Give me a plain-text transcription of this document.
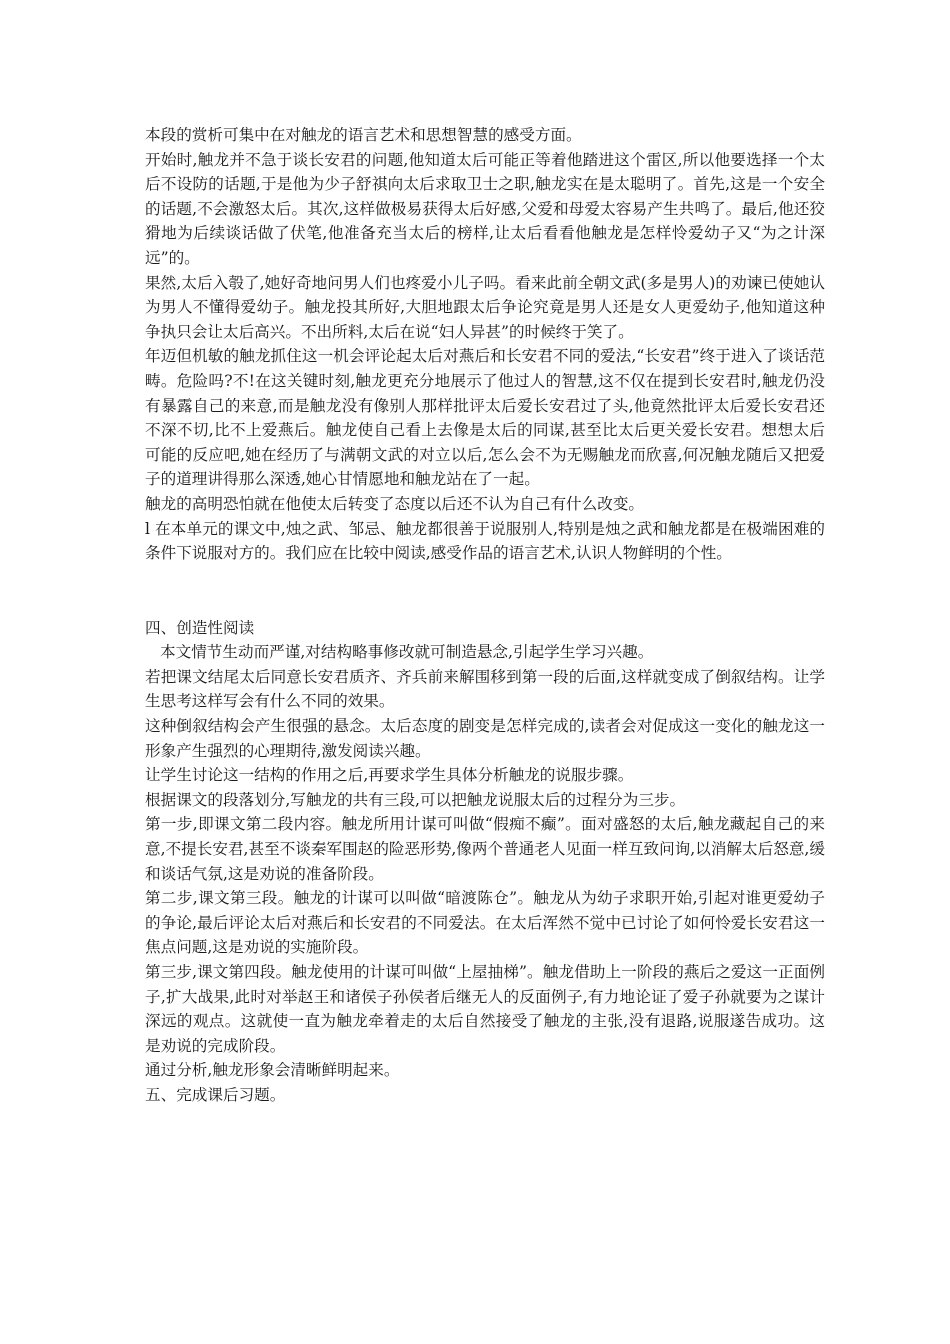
本段的赏析可集中在对触龙的语言艺术和思想智慧的感受方面。

开始时,触龙并不急于谈长安君的问题,他知道太后可能正等着他踏进这个雷区,所以他要选择一个太后不设防的话题,于是他为少子舒祺向太后求取卫士之职,触龙实在是太聪明了。首先,这是一个安全的话题,不会激怒太后。其次,这样做极易获得太后好感,父爱和母爱太容易产生共鸣了。最后,他还狡猾地为后续谈话做了伏笔,他准备充当太后的榜样,让太后看看他触龙是怎样怜爱幼子又“为之计深远”的。

果然,太后入彀了,她好奇地问男人们也疼爱小儿子吗。看来此前全朝文武(多是男人)的劝谏已使她认为男人不懂得爱幼子。触龙投其所好,大胆地跟太后争论究竟是男人还是女人更爱幼子,他知道这种争执只会让太后高兴。不出所料,太后在说“妇人异甚”的时候终于笑了。

年迈但机敏的触龙抓住这一机会评论起太后对燕后和长安君不同的爱法,“长安君”终于进入了谈话范畴。危险吗?不!在这关键时刻,触龙更充分地展示了他过人的智慧,这不仅在提到长安君时,触龙仍没有暴露自己的来意,而是触龙没有像别人那样批评太后爱长安君过了头,他竟然批评太后爱长安君还不深不切,比不上爱燕后。触龙使自己看上去像是太后的同谋,甚至比太后更关爱长安君。想想太后可能的反应吧,她在经历了与满朝文武的对立以后,怎么会不为无赐触龙而欣喜,何况触龙随后又把爱子的道理讲得那么深透,她心甘情愿地和触龙站在了一起。

触龙的高明恐怕就在他使太后转变了态度以后还不认为自己有什么改变。

l 在本单元的课文中,烛之武、邹忌、触龙都很善于说服别人,特别是烛之武和触龙都是在极端困难的条件下说服对方的。我们应在比较中阅读,感受作品的语言艺术,认识人物鲜明的个性。

四、创造性阅读

本文情节生动而严谨,对结构略事修改就可制造悬念,引起学生学习兴趣。

若把课文结尾太后同意长安君质齐、齐兵前来解围移到第一段的后面,这样就变成了倒叙结构。让学生思考这样写会有什么不同的效果。

这种倒叙结构会产生很强的悬念。太后态度的剧变是怎样完成的,读者会对促成这一变化的触龙这一形象产生强烈的心理期待,激发阅读兴趣。

让学生讨论这一结构的作用之后,再要求学生具体分析触龙的说服步骤。

根据课文的段落划分,写触龙的共有三段,可以把触龙说服太后的过程分为三步。

第一步,即课文第二段内容。触龙所用计谋可叫做“假痴不癫”。面对盛怒的太后,触龙藏起自己的来意,不提长安君,甚至不谈秦军围赵的险恶形势,像两个普通老人见面一样互致问询,以消解太后怒意,缓和谈话气氛,这是劝说的准备阶段。

第二步,课文第三段。触龙的计谋可以叫做“暗渡陈仓”。触龙从为幼子求职开始,引起对谁更爱幼子的争论,最后评论太后对燕后和长安君的不同爱法。在太后浑然不觉中已讨论了如何怜爱长安君这一焦点问题,这是劝说的实施阶段。

第三步,课文第四段。触龙使用的计谋可叫做“上屋抽梯”。触龙借助上一阶段的燕后之爱这一正面例子,扩大战果,此时对举赵王和诸侯子孙侯者后继无人的反面例子,有力地论证了爱子孙就要为之谋计深远的观点。这就使一直为触龙牵着走的太后自然接受了触龙的主张,没有退路,说服遂告成功。这是劝说的完成阶段。

通过分析,触龙形象会清晰鲜明起来。

五、完成课后习题。
